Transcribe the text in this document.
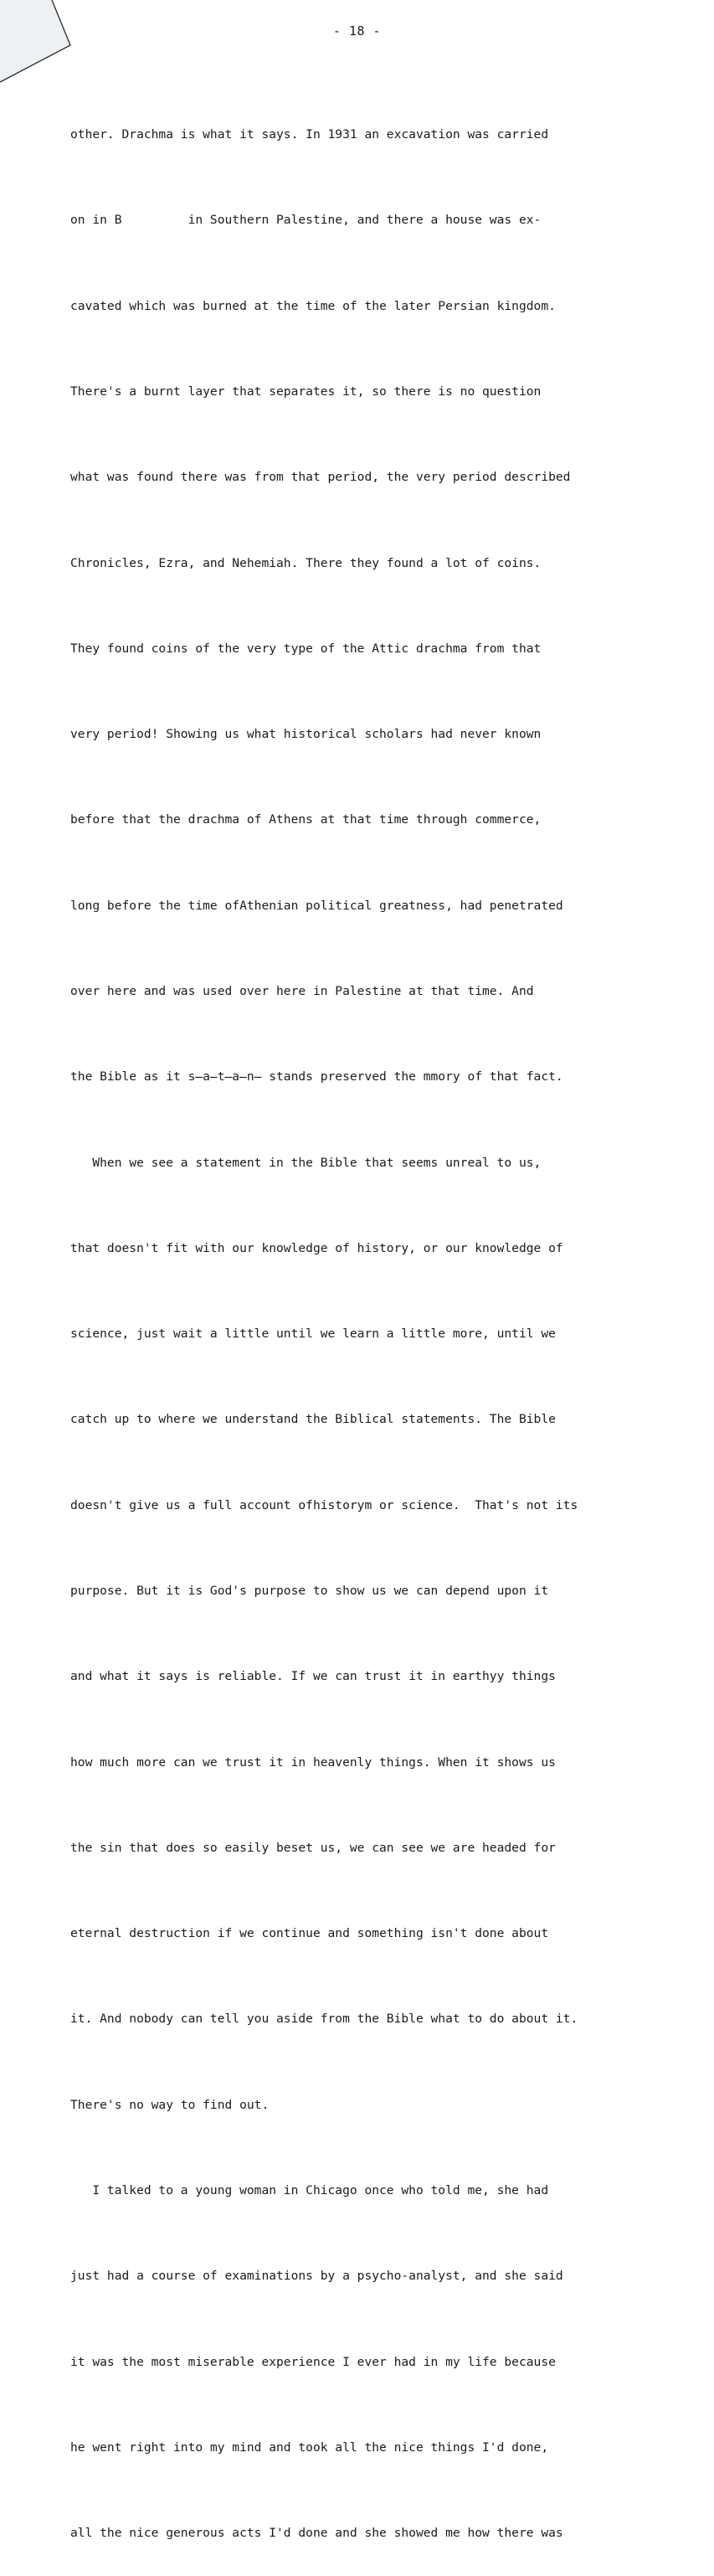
- 18 -

other. Drachma is what it says. In 1931 an excavation was carried

on in B         in Southern Palestine, and there a house was ex-

cavated which was burned at the time of the later Persian kingdom.

There's a burnt layer that separates it, so there is no question

what was found there was from that period, the very period described

Chronicles, Ezra, and Nehemiah. There they found a lot of coins.

They found coins of the very type of the Attic drachma from that

very period! Showing us what historical scholars had never known

before that the drachma of Athens at that time through commerce,

long before the time ofAthenian political greatness, had penetrated

over here and was used over here in Palestine at that time. And

the Bible as it s̶a̶t̶a̶n̶ stands preserved the mmory of that fact.

When we see a statement in the Bible that seems unreal to us,

that doesn't fit with our knowledge of history, or our knowledge of

science, just wait a little until we learn a little more, until we

catch up to where we understand the Biblical statements. The Bible

doesn't give us a full account ofhistorym or science.  That's not its

purpose. But it is God's purpose to show us we can depend upon it

and what it says is reliable. If we can trust it in earthyy things

how much more can we trust it in heavenly things. When it shows us

the sin that does so easily beset us, we can see we are headed for

eternal destruction if we continue and something isn't done about

it. And nobody can tell you aside from the Bible what to do about it.

There's no way to find out.

I talked to a young woman in Chicago once who told me, she had

just had a course of examinations by a psycho-analyst, and she said

it was the most miserable experience I ever had in my life because

he went right into my mind and took all the nice things I'd done,

all the nice generous acts I'd done and she showed me how there was
